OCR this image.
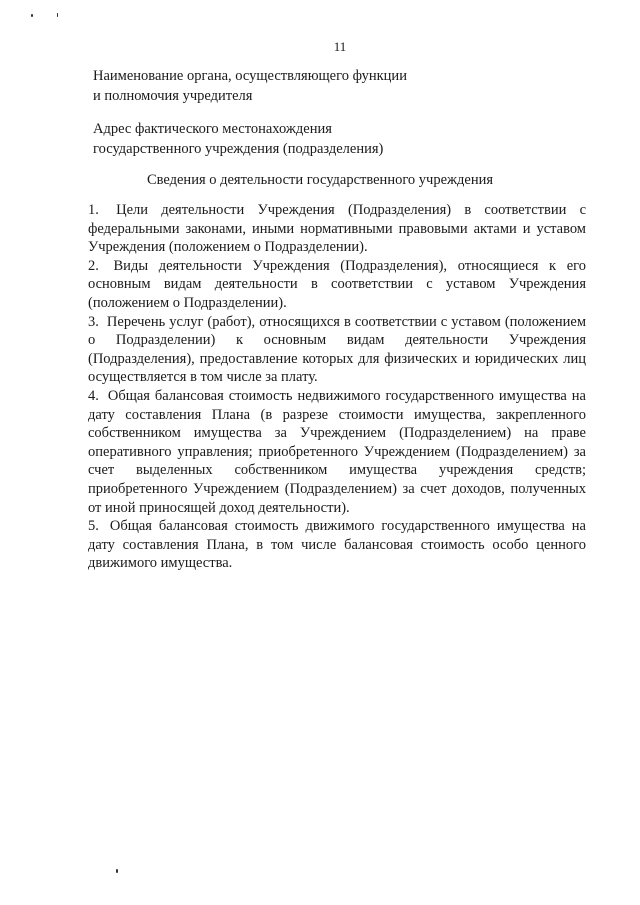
11
Наименование органа, осуществляющего функции
и полномочия учредителя
Адрес фактического местонахождения
государственного учреждения (подразделения)
Сведения о деятельности государственного учреждения

1. Цели деятельности Учреждения (Подразделения) в соответствии с федеральными законами, иными нормативными правовыми актами и уставом Учреждения (положением о Подразделении).

2. Виды деятельности Учреждения (Подразделения), относящиеся к его основным видам деятельности в соответствии с уставом Учреждения (положением о Подразделении).

3. Перечень услуг (работ), относящихся в соответствии с уставом (положением о Подразделении) к основным видам деятельности Учреждения (Подразделения), предоставление которых для физических и юридических лиц осуществляется в том числе за плату.

4. Общая балансовая стоимость недвижимого государственного имущества на дату составления Плана (в разрезе стоимости имущества, закрепленного собственником имущества за Учреждением (Подразделением) на праве оперативного управления; приобретенного Учреждением (Подразделением) за счет выделенных собственником имущества учреждения средств; приобретенного Учреждением (Подразделением) за счет доходов, полученных от иной приносящей доход деятельности).

5. Общая балансовая стоимость движимого государственного имущества на дату составления Плана, в том числе балансовая стоимость особо ценного движимого имущества.
